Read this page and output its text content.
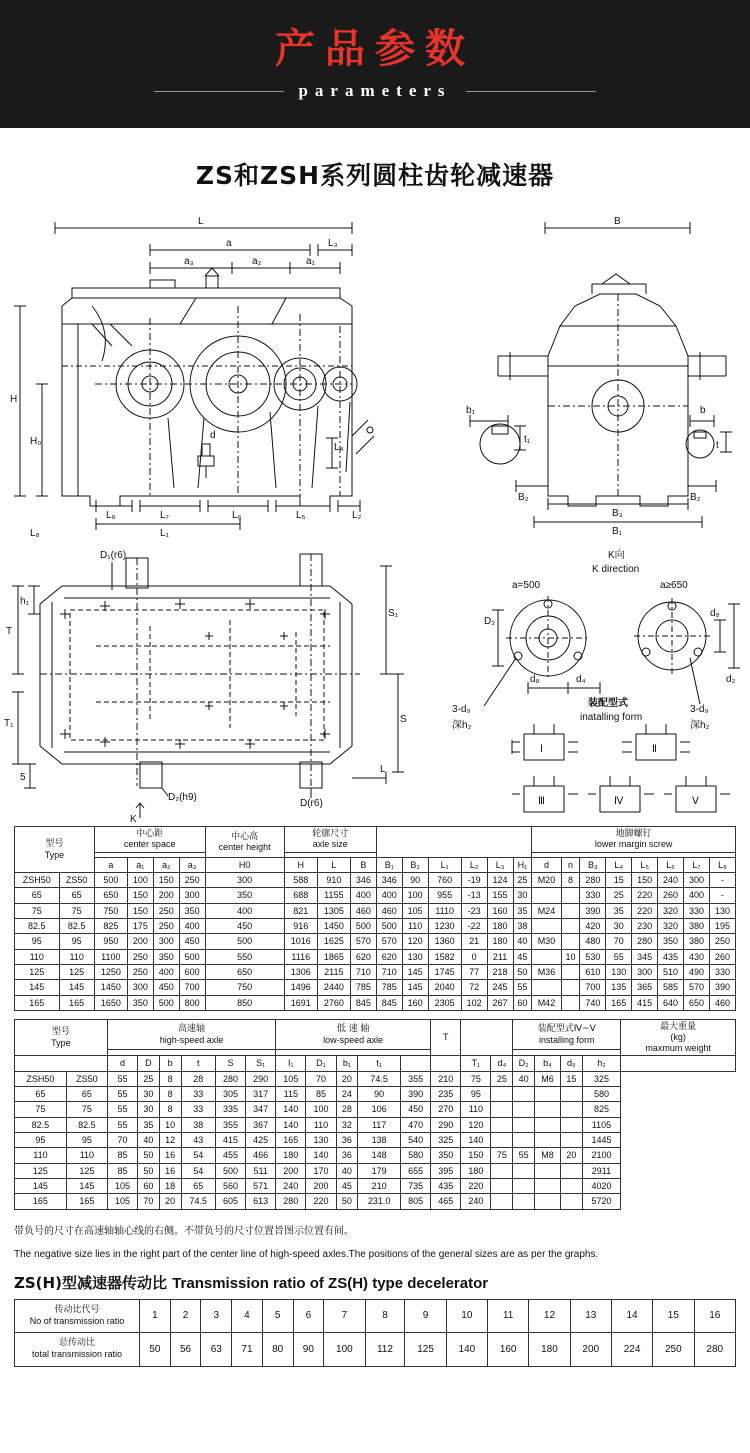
产品参数
parameters
ZS和ZSH系列圆柱齿轮减速器
L
a	L₃
a₃	a₂	a₁
H
H₀
d
L₄
L₈	L₇	L₆	L₅	L₂
L₁
L₈
B
b₁	b
t₁
t
B₂	B₂
B₃
B₁
D₁(r6)
h₁
T
T₁
5
S₁
S
L
D₂(h9)
D(r6)
K
K向
K direction
a=500	a≥650
D₂
d₈	d₄
3-d₉
深h₂
d₈
d₂
3-d₉
深h₂
装配型式
inatalling form
Ⅰ	Ⅱ
Ⅲ	Ⅳ	Ⅴ
型号
Type

中心距
center space

中心高
center height

轮廓尺寸
axle size

地脚螺钉
lower margin screw

		a	a₁	a₂	a₃	H0	H	L	B	B₁	B₂	L₁	L₂	L₃	H₁	d	n	B₃	L₄	L₅	L₆	L₇	L₈
ZSH50	ZS50	500	100	150	250	300	588	910	346	346	90	760	-19	124	25	M20	8	280	15	150	240	300	-
65	65	650	150	200	300	350	688	1155	400	400	100	955	-13	155	30			330	25	220	260	400	-
75	75	750	150	250	350	400	821	1305	460	460	105	1110	-23	160	35	M24		390	35	220	320	330	130
82.5	82.5	825	175	250	400	450	916	1450	500	500	110	1230	-22	180	38			420	30	230	320	380	195
95	95	950	200	300	450	500	1016	1625	570	570	120	1360	21	180	40	M30		480	70	280	350	380	250
110	110	1100	250	350	500	550	1116	1865	620	620	130	1582	0	211	45		10	530	55	345	435	430	260
125	125	1250	250	400	600	650	1306	2115	710	710	145	1745	77	218	50	M36		610	130	300	510	490	330
145	145	1450	300	450	700	750	1496	2440	785	785	145	2040	72	245	55			700	135	365	585	570	390
165	165	1650	350	500	800	850	1691	2760	845	845	160	2305	102	267	60	M42		740	165	415	640	650	460
型号
Type

高速轴
high-speed axle

低 速 轴
low-speed axle	T		
装配型式Ⅳ~Ⅴ
installing form

最大重量
(kg)
maxmum weight

		d	D	b	t	S	S₁	I₁	D₁	b₁	t₁			T₁	d₄	D₂	b₄	d₉	h₂	
ZSH50	ZS50	55	25	8	28	280	290	105	70	20	74.5	355	210	75	25	40	M6	15	325	
65	65	55	30	8	33	305	317	115	85	24	90	390	235	95					580	
75	75	55	30	8	33	335	347	140	100	28	106	450	270	110					825	
82.5	82.5	55	35	10	38	355	367	140	110	32	117	470	290	120					1105	
95	95	70	40	12	43	415	425	165	130	36	138	540	325	140					1445	
110	110	85	50	16	54	455	466	180	140	36	148	580	350	150	75	55	M8	20	2100	
125	125	85	50	16	54	500	511	200	170	40	179	655	395	180					2911	
145	145	105	60	18	65	560	571	240	200	45	210	735	435	220					4020	
165	165	105	70	20	74.5	605	613	280	220	50	231.0	805	465	240					5720	
带负号的尺寸在高速轴轴心线的右侧。不带负号的尺寸位置旨图示位置有间。
The negative size lies in the right part of the center line of high-speed axles.The positions of the general sizes are as per the graphs.
ZS(H)型减速器传动比 Transmission ratio of ZS(H) type decelerator
传动比代号
No of transmission ratio	1	2	3	4	5	6	7	8	9	10	11	12	13	14	15	16

总传动比
total transmission ratio	50	56	63	71	80	90	100	112	125	140	160	180	200	224	250	280
